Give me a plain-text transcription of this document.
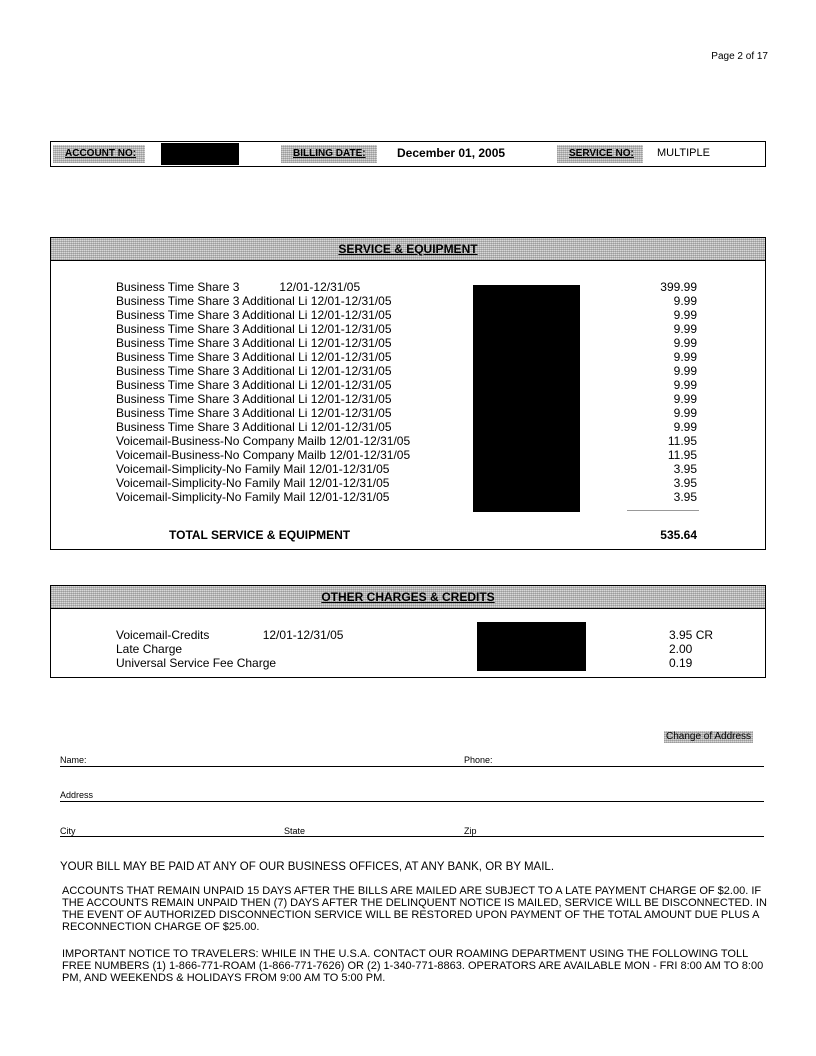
Page 2 of 17
ACCOUNT NO:	BILLING DATE:	December 01, 2005	SERVICE NO:	MULTIPLE
SERVICE & EQUIPMENT
Business Time Share 3            12/01-12/31/05	399.99
Business Time Share 3 Additional Li 12/01-12/31/05	9.99
Business Time Share 3 Additional Li 12/01-12/31/05	9.99
Business Time Share 3 Additional Li 12/01-12/31/05	9.99
Business Time Share 3 Additional Li 12/01-12/31/05	9.99
Business Time Share 3 Additional Li 12/01-12/31/05	9.99
Business Time Share 3 Additional Li 12/01-12/31/05	9.99
Business Time Share 3 Additional Li 12/01-12/31/05	9.99
Business Time Share 3 Additional Li 12/01-12/31/05	9.99
Business Time Share 3 Additional Li 12/01-12/31/05	9.99
Business Time Share 3 Additional Li 12/01-12/31/05	9.99
Voicemail-Business-No Company Mailb 12/01-12/31/05	11.95
Voicemail-Business-No Company Mailb 12/01-12/31/05	11.95
Voicemail-Simplicity-No Family Mail 12/01-12/31/05	3.95
Voicemail-Simplicity-No Family Mail 12/01-12/31/05	3.95
Voicemail-Simplicity-No Family Mail 12/01-12/31/05	3.95
TOTAL SERVICE & EQUIPMENT	535.64
OTHER CHARGES & CREDITS
Voicemail-Credits                12/01-12/31/05	3.95 CR
Late Charge	2.00
Universal Service Fee Charge	0.19
Change of Address
Name:	Phone:
Address
City	State	Zip
YOUR BILL MAY BE PAID AT ANY OF OUR BUSINESS OFFICES, AT ANY BANK, OR BY MAIL.
ACCOUNTS THAT REMAIN UNPAID 15 DAYS AFTER THE BILLS ARE MAILED ARE SUBJECT TO A LATE PAYMENT CHARGE OF $2.00. IF THE ACCOUNTS REMAIN UNPAID THEN (7) DAYS AFTER THE DELINQUENT NOTICE IS MAILED, SERVICE WILL BE DISCONNECTED. IN THE EVENT OF AUTHORIZED DISCONNECTION SERVICE WILL BE RESTORED UPON PAYMENT OF THE TOTAL AMOUNT DUE PLUS A RECONNECTION CHARGE OF $25.00.
IMPORTANT NOTICE TO TRAVELERS: WHILE IN THE U.S.A. CONTACT OUR ROAMING DEPARTMENT USING THE FOLLOWING TOLL FREE NUMBERS (1) 1-866-771-ROAM (1-866-771-7626) OR (2) 1-340-771-8863. OPERATORS ARE AVAILABLE MON - FRI 8:00 AM TO 8:00 PM, AND WEEKENDS & HOLIDAYS FROM 9:00 AM TO 5:00 PM.
